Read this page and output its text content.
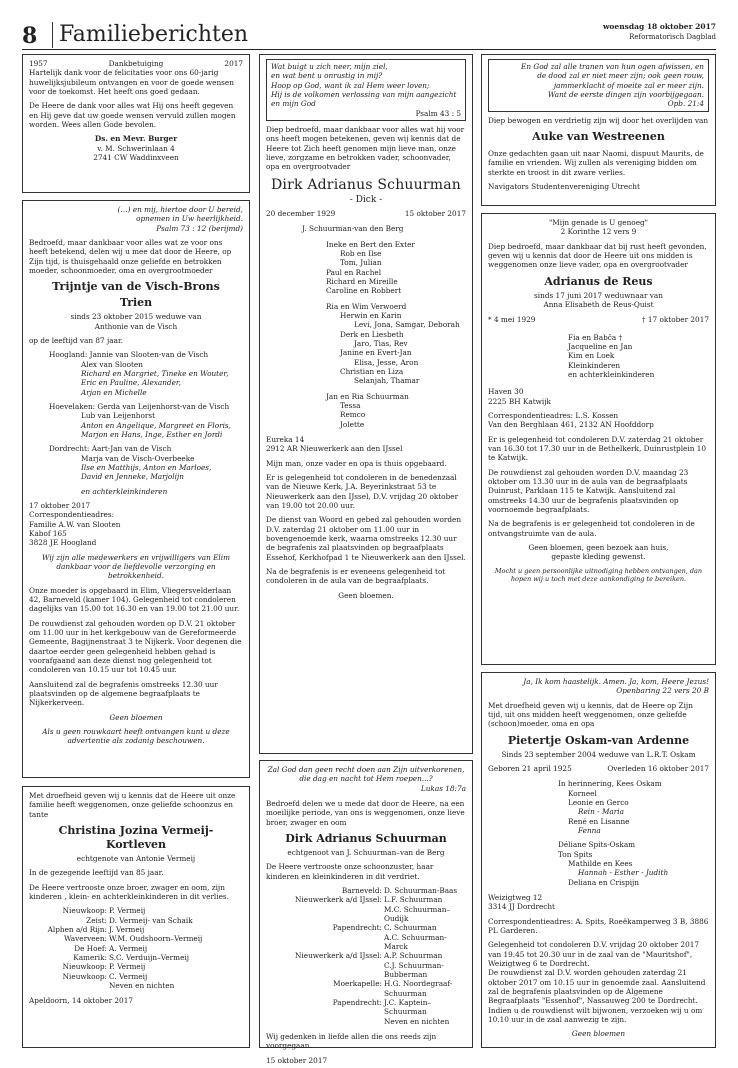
8 Familieberichten	woensdag 18 oktober 2017
Reformatorisch Dagblad
1957	Dankbetuiging	2017

Hartelijk dank voor de felicitaties voor ons 60-jarig huwelijksjubileum ontvangen en voor de goede wensen voor de toekomst. Het heeft ons goed gedaan.

De Heere de dank voor alles wat Hij ons heeft gegeven en Hij geve dat uw goede wensen vervuld zullen mogen worden. Wees allen Gode bevolen.

Ds. en Mevr. Burger
v. M. Schwerinlaan 4
2741 CW Waddinxveen
(…) en mij, hiertoe door U bereid,
opnemen in Uw heerlijkheid.
Psalm 73 : 12 (berijmd)

Bedroefd, maar dankbaar voor alles wat ze voor ons heeft betekend, delen wij u mee dat door de Heere, op Zijn tijd, is thuisgehaald onze geliefde en betrokken moeder, schoonmoeder, oma en overgrootmoeder

Trijntje van de Visch-Brons
Trien
sinds 23 oktober 2015 weduwe van
Anthonie van de Visch

op de leeftijd van 87 jaar.

Hoogland: Jannie van Slooten-van de Visch
Alex van Slooten
Richard en Margriet, Tineke en Wouter,
Eric en Pauline, Alexander,
Arjan en Michelle
Hoevelaken: Gerda van Leijenhorst-van de Visch
Lub van Leijenhorst
Anton en Angelique, Margreet en Floris,
Marjon en Hans, Inge, Esther en Jordi
Dordrecht: Aart-Jan van de Visch
Marja van de Visch-Overbeeke
Ilse en Matthijs, Anton en Marloes,
David en Jenneke, Marjolijn
en achterkleinkinderen
17 oktober 2017
Correspondentieadres:
Familie A.W. van Slooten
Kabof 165
3828 JE Hoogland

Wij zijn alle medewerkers en vrijwilligers van Elim dankbaar voor de liefdevolle verzorging en betrokkenheid.

Onze moeder is opgebaard in Elim, Vliegersvelderlaan 42, Barneveld (kamer 104). Gelegenheid tot condoleren dagelijks van 15.00 tot 16.30 en van 19.00 tot 21.00 uur.

De rouwdienst zal gehouden worden op D.V. 21 oktober om 11.00 uur in het kerkgebouw van de Gereformeerde Gemeente, Bagijnenstraat 3 te Nijkerk. Voor degenen die daartoe eerder geen gelegenheid hebben gehad is voorafgaand aan deze dienst nog gelegenheid tot condoleren van 10.15 uur tot 10.45 uur.

Aansluitend zal de begrafenis omstreeks 12.30 uur plaatsvinden op de algemene begraafplaats te Nijkerkerveen.

Geen bloemen

Als u geen rouwkaart heeft ontvangen kunt u deze advertentie als zodanig beschouwen.

Met droefheid geven wij u kennis dat de Heere uit onze familie heeft weggenomen, onze geliefde schoonzus en tante

Christina Jozina Vermeij-Kortleven
echtgenote van Antonie Vermeij

In de gezegende leeftijd van 85 jaar.

De Heere vertrooste onze broer, zwager en oom, zijn kinderen , klein- en achterkleinkinderen in dit verlies.

Nieuwkoop: P. Vermeij
Zeist: D. Vermeij- van Schaik
Alphen a/d Rijn: J. Vermeij
Waverveen: W.M. Oudshoorn–Vermeij
De Hoef: A. Vermeij
Kamerik: S.C. Verduijn–Vermeij
Nieuwkoop: P. Vermeij
Nieuwkoop: C. Vermeij
Neven en nichten
Apeldoorn, 14 oktober 2017
Wat buigt u zich neer, mijn ziel,
en wat bent u onrustig in mij?
Hoop op God, want ik zal Hem weer loven;
Hij is de volkomen verlossing van mijn aangezicht en mijn God
Psalm 43 : 5

Diep bedroefd, maar dankbaar voor alles wat hij voor ons heeft mogen betekenen, geven wij kennis dat de Heere tot Zich heeft genomen mijn lieve man, onze lieve, zorgzame en betrokken vader, schoonvader, opa en overgrootvader

Dirk Adrianus Schuurman
- Dick -
20 december 1929	15 oktober 2017
J. Schuurman-van den Berg
Ineke en Bert den Exter
Rob en Ilse
Tom, Julian
Paul en Rachel
Richard en Mireille
Caroline en Robbert
Ria en Wim Verwoerd
Herwin en Karin
Levi, Jona, Samgar, Deborah
Derk en Liesbeth
Jaro, Tias, Rev
Janine en Evert-Jan
Elisa, Jesse, Aron
Christian en Liza
Selanjah, Thamar
Jan en Ria Schuurman
Tessa
Remco
Jolette
Eureka 14
2912 AR Nieuwerkerk aan den IJssel

Mijn man, onze vader en opa is thuis opgebaard.

Er is gelegenheid tot condoleren in de benedenzaal van de Nieuwe Kerk, J.A. Beyerinkstraat 53 te Nieuwerkerk aan den IJssel, D.V. vrijdag 20 oktober van 19.00 tot 20.00 uur.

De dienst van Woord en gebed zal gehouden worden D.V. zaterdag 21 oktober om 11.00 uur in bovengenoemde kerk, waarna omstreeks 12.30 uur de begrafenis zal plaatsvinden op begraafplaats Essehof, Kerkhofpad 1 te Nieuwerkerk aan den IJssel.

Na de begrafenis is er eveneens gelegenheid tot condoleren in de aula van de begraafplaats.

Geen bloemen.

Zal God dan geen recht doen aan Zijn uitverkorenen,
die dag en nacht tot Hem roepen...?
Lukas 18:7a

Bedroefd delen we u mede dat door de Heere, na een moeilijke periode, van ons is weggenomen, onze lieve broer, zwager en oom

Dirk Adrianus Schuurman
echtgenoot van J. Schuurman–van de Berg

De Heere vertrooste onze schoonzuster, haar kinderen en kleinkinderen in dit verdriet.

Barneveld: D. Schuurman-Baas
Nieuwerkerk a/d IJssel: L.F. Schuurman
M.C. Schuurman–Oudijk
Papendrecht: C. Schuurman
A.C. Schuurman-Marck
Nieuwerkerk a/d IJssel: A.P. Schuurman
C.J. Schuurman-Bubberman
Moerkapelle: H.G. Noordegraaf-Schuurman
Papendrecht: J.C. Kaptein–Schuurman
Neven en nichten

Wij gedenken in liefde allen die ons reeds zijn voorgegaan.

15 oktober 2017
En God zal alle tranen van hun ogen afwissen, en
de dood zal er niet meer zijn; ook geen rouw,
jammerklacht of moeite zal er meer zijn.
Want de eerste dingen zijn voorbijgegaan.
Opb. 21:4

Diep bewogen en verdrietig zijn wij door het overlijden van

Auke van Westreenen

Onze gedachten gaan uit naar Naomi, dispuut Maurits, de familie en vrienden. Wij zullen als vereniging bidden om sterkte en troost in dit zware verlies.

Navigators Studentenvereniging Utrecht
"Mijn genade is U genoeg"
2 Korinthe 12 vers 9

Diep bedroefd, maar dankbaar dat bij rust heeft gevonden, geven wij u kennis dat door de Heere uit ons midden is weggenomen onze lieve vader, opa en overgrootvader

Adrianus de Reus
sinds 17 juni 2017 weduwnaar van
Anna Elisabeth de Reus-Quist
* 4 mei 1929	† 17 oktober 2017
Fia en Babča †
Jacqueline en Jan
Kim en Loek
Kleinkinderen
en achterkleinkinderen
Haven 30
2225 BH Katwijk
Correspondentieadres: L.S. Kossen
Van den Berghlaan 461, 2132 AN Hoofddorp

Er is gelegenheid tot condoleren D.V. zaterdag 21 oktober van 16.30 tot 17.30 uur in de Bethelkerk, Duinrustplein 10 te Katwijk.

De rouwdienst zal gehouden worden D.V. maandag 23 oktober om 13.30 uur in de aula van de begraafplaats Duinrust, Parklaan 115 te Katwijk. Aansluitend zal omstreeks 14.30 uur de begrafenis plaatsvinden op voornoemde begraafplaats.

Na de begrafenis is er gelegenheid tot condoleren in de ontvangstruimte van de aula.

Geen bloemen, geen bezoek aan huis,
gepaste kleding gewenst.

Mocht u geen persoonlijke uitnodiging hebben ontvangen, dan hopen wij u toch met deze aankondiging te bereiken.

Ja, Ik kom haastelijk. Amen. Ja, kom, Heere Jezus!
Openbaring 22 vers 20 B

Met droefheid geven wij u kennis, dat de Heere op Zijn tijd, uit ons midden heeft weggenomen, onze geliefde (schoon)moeder, oma en opa

Pietertje Oskam-van Ardenne
Sinds 23 september 2004 weduwe van L.R.T. Oskam
Geboren 21 april 1925	Overleden 16 oktober 2017
In herinnering, Kees Oskam
Korneel
Leonie en Gerco
Rein - Maria
René en Lisanne
Fenna
Déliane Spits-Oskam
Ton Spits
Mathilde en Kees
Hannah - Esther - Judith
Deliana en Crispijn
Weizigtweg 12
3314 JJ Dordrecht

Correspondentieadres: A. Spits, Roeëkamperweg 3 B, 3886 PL Garderen.

Gelegenheid tot condoleren D.V. vrijdag 20 oktober 2017 van 19.45 tot 20.30 uur in de zaal van de "Mauritshof", Weizigtweg 6 te Dordrecht.
De rouwdienst zal D.V. worden gehouden zaterdag 21 oktober 2017 om 10.15 uur in genoemde zaal. Aansluitend zal de begrafenis plaatsvinden op de Algemene Begraafplaats "Essenhof", Nassauweg 200 te Dordrecht.
Indien u de rouwdienst wilt bijwonen, verzoeken wij u om 10.10 uur in de zaal aanwezig te zijn.
Geen bloemen
